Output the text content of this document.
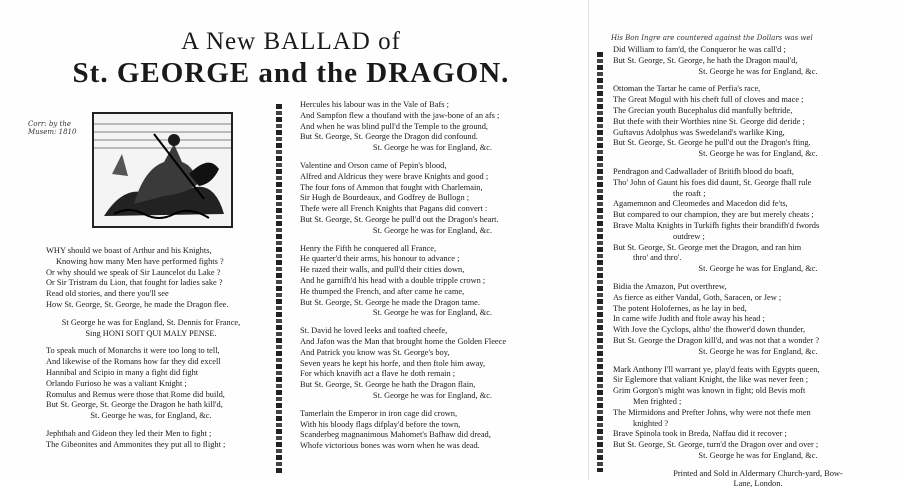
A New BALLAD of
St. GEORGE and the DRAGON.
Corr: by the Musem: 1810

WHY should we boast of Arthur and his Knights,

Knowing how many Men have performed fights ?

Or why should we speak of Sir Launcelot du Lake ?

Or Sir Tristram du Lion, that fought for ladies sake ?

Read old stories, and there you'll see

How St. George, St. George, he made the Dragon flee.

St George he was for England, St. Dennis for France,

Sing HONI SOIT QUI MALY PENSE.

To speak much of Monarchs it were too long to tell,

And likewise of the Romans how far they did excell

Hannibal and Scipio in many a fight did fight

Orlando Furioso he was a valiant Knight ;

Romulus and Remus were those that Rome did build,

But St. George, St. George the Dragon he hath kill'd,

St. George he was, for England, &c.

Jephthah and Gideon they led their Men to fight ;

The Gibeonites and Ammonites they put all to flight ;

Hercules his labour was in the Vale of Bafs ;

And Sampfon flew a thoufand with the jaw-bone of an afs ;

And when he was blind pull'd the Temple to the ground,

But St. George, St. George the Dragon did confound.

St. George he was for England, &c.

Valentine and Orson came of Pepin's blood,

Alfred and Aldricus they were brave Knights and good ;

The four fons of Ammon that fought with Charlemain,

Sir Hugh de Bourdeaux, and Godfrey de Bullogn ;

Thefe were all French Knights that Pagans did convert :

But St. George, St. George he pull'd out the Dragon's heart.

St. George he was for England, &c.

Henry the Fifth he conquered all France,

He quarter'd their arms, his honour to advance ;

He razed their walls, and pull'd their cities down,

And he garnifh'd his head with a double tripple crown ;

He thumped the French, and after came he came,

But St. George, St. George he made the Dragon tame.

St. George he was for England, &c.

St. David he loved leeks and toafted cheefe,

And Jafon was the Man that brought home the Golden Fleece

And Patrick you know was St. George's boy,

Seven years he kept his horfe, and then ftole him away,

For which knavifh act a flave he doth remain ;

But St. George, St. George he hath the Dragon flain,

St. George he was for England, &c.

Tamerlain the Emperor in iron cage did crown,

With his bloody flags difplay'd before the town,

Scanderbeg magnanimous Mahomet's Bafhaw did dread,

Whofe victorious bones was worn when he was dead.

His Bon Ingre are countered against the Dollars was wel

Did William to fam'd, the Conqueror he was call'd ;

But St. George, St. George, he hath the Dragon maul'd,

St. George he was for England, &c.

Ottoman the Tartar he came of Perfia's race,

The Great Mogul with his cheft full of cloves and mace ;

The Grecian youth Bucephalus did manfully beftride,

But thefe with their Worthies nine St. George did deride ;

Guftavus Adolphus was Swedeland's warlike King,

But St. George, St. George he pull'd out the Dragon's fting.

St. George he was for England, &c.

Pendragon and Cadwallader of Britifh blood do boaft,

Tho' John of Gaunt his foes did daunt, St. George fhall rule

the roaft ;

Agamemnon and Cleomedes and Macedon did fe'ts,

But compared to our champion, they are but merely cheats ;

Brave Malta Knights in Turkifh fights their brandifh'd fwords

outdrew ;

But St. George, St. George met the Dragon, and ran him

thro' and thro'.

St. George he was for England, &c.

Bidia the Amazon, Put overthrew,

As fierce as either Vandal, Goth, Saracen, or Jew ;

The potent Holofernes, as he lay in bed,

In came wife Judith and ftole away his head ;

With Jove the Cyclops, altho' the fhower'd down thunder,

But St. George the Dragon kill'd, and was not that a wonder ?

St. George he was for England, &c.

Mark Anthony I'll warrant ye, play'd feats with Egypts queen,

Sir Eglemore that valiant Knight, the like was never feen ;

Grim Gorgon's might was known in fight; old Bevis moft

Men frighted ;

The Mirmidons and Prefter Johns, why were not thefe men

knighted ?

Brave Spinola took in Breda, Naffau did it recover ;

But St. George, St. George, turn'd the Dragon over and over ;

St. George he was for England, &c.

Printed and Sold in Aldermary Church-yard, Bow-

Lane, London.
